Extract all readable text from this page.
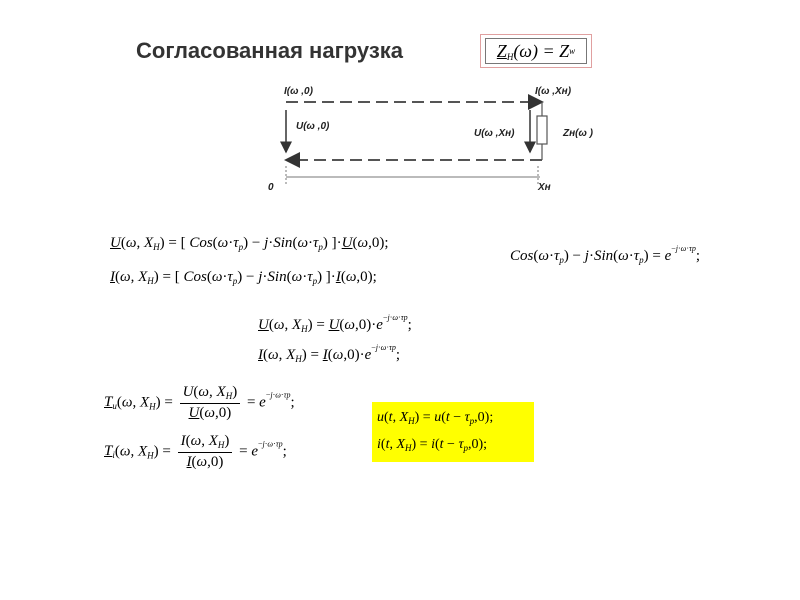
Согласованная нагрузка	$Z_H$ (ω) = Z w
I(ω ,0)
U(ω ,0)
I(ω ,Xн)
U(ω ,Xн)	Zн(ω )
0	Xн
U(ω, $X_H$) = [ $Cos(\omega\cdot\tau_p) - j\cdot Sin(\omega\cdot\tau_p)$ ]·U(ω,0);
I(ω, $X_H$) = [ $Cos(\omega\cdot\tau_p) - j\cdot Sin(\omega\cdot\tau_p)$ ]·I(ω,0);
$Cos(\omega\cdot\tau_p) - j\cdot Sin(\omega\cdot\tau_p) = e^{-j\cdot\omega\cdot\tau p}$;
U(ω, $X_H) = U(\omega,0)\cdot e^{-j\cdot\omega\cdot\tau p}$;
I(ω, $X_H) = I(\omega,0)\cdot e^{-j\cdot\omega\cdot\tau p}$;
$T_u(\omega$, $X_H) = \frac{U(\omega, X_H)}{U(\omega,0)} = e^{-j\cdot\omega\cdot\tau p}$;
$T_i(\omega$, $X_H) = \frac{I(\omega, X_H)}{I(\omega,0)} = e^{-j\cdot\omega\cdot\tau p}$;
u(t, $X_H) = u(t - \tau_p,0)$;
i(t, $X_H) = i(t - \tau_p,0)$;
